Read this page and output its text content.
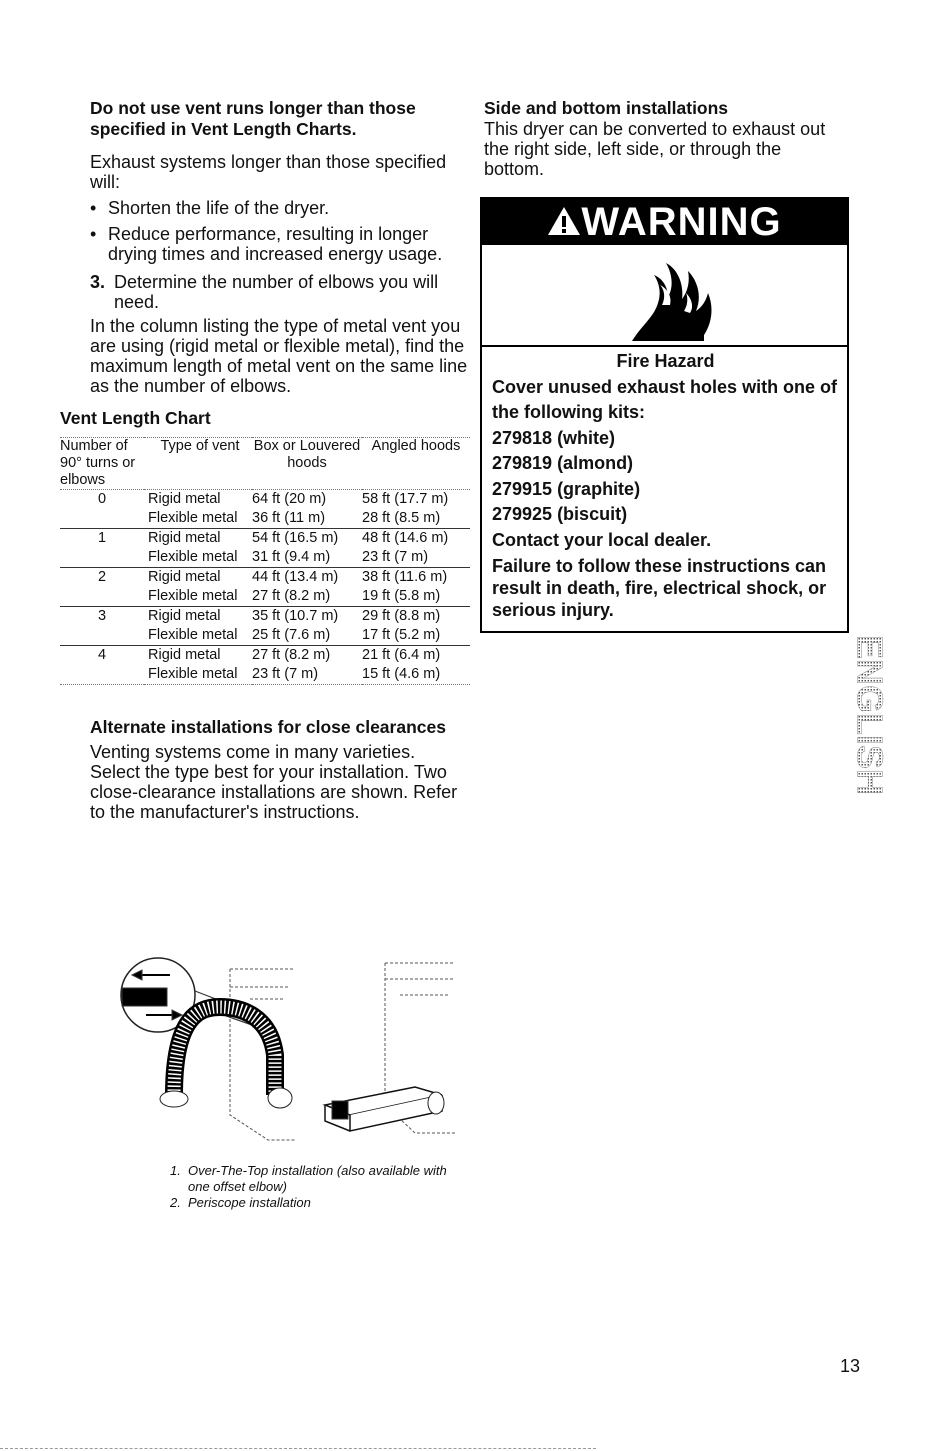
Do not use vent runs longer than those specified in Vent Length Charts.

Exhaust systems longer than those specified will:

• Shorten the life of the dryer.
• Reduce performance, resulting in longer drying times and increased energy usage.
3. Determine the number of elbows you will need.

In the column listing the type of metal vent you are using (rigid metal or flexible metal), find the maximum length of metal vent on the same line as the number of elbows.

Vent Length Chart

Number of 90° turns or elbows	Type of vent	Box or Louvered hoods	Angled hoods
0	Rigid metal	64 ft (20 m)	58 ft (17.7 m)
	Flexible metal	36 ft (11 m)	28 ft (8.5 m)
1	Rigid metal	54 ft (16.5 m)	48 ft (14.6 m)
	Flexible metal	31 ft (9.4 m)	23 ft (7 m)
2	Rigid metal	44 ft (13.4 m)	38 ft (11.6 m)
	Flexible metal	27 ft (8.2 m)	19 ft (5.8 m)
3	Rigid metal	35 ft (10.7 m)	29 ft (8.8 m)
	Flexible metal	25 ft (7.6 m)	17 ft (5.2 m)
4	Rigid metal	27 ft (8.2 m)	21 ft (6.4 m)
	Flexible metal	23 ft (7 m)	15 ft (4.6 m)

Alternate installations for close clearances

Venting systems come in many varieties. Select the type best for your installation. Two close-clearance installations are shown. Refer to the manufacturer's instructions.

Side and bottom installations

This dryer can be converted to exhaust out the right side, left side, or through the bottom.

WARNING

Fire Hazard

Cover unused exhaust holes with one of the following kits:

279818 (white)

279819 (almond)

279915 (graphite)

279925 (biscuit)

Contact your local dealer.

Failure to follow these instructions can result in death, fire, electrical shock, or serious injury.

ENGLISH
1. Over-The-Top installation (also available with one offset elbow)
2. Periscope installation
13
